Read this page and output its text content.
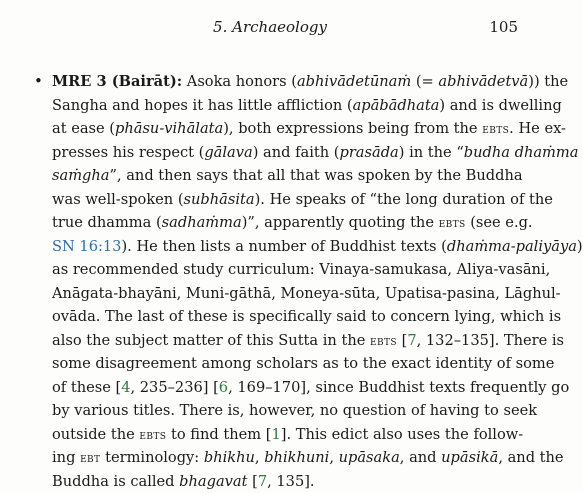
5. Archaeology	105
• MRE 3 (Bairāt): Asoka honors (abhivādetūnaṁ (= abhivādetvā)) the
Sangha and hopes it has little affliction (apābādhata) and is dwelling
at ease (phāsu-vihālata), both expressions being from the ebts. He ex-
presses his respect (gālava) and faith (prasāda) in the “budha dhaṁma
saṁgha”, and then says that all that was spoken by the Buddha
was well-spoken (subhāsita). He speaks of “the long duration of the
true dhamma (sadhaṁma)”, apparently quoting the ebts (see e.g.
SN 16:13). He then lists a number of Buddhist texts (dhaṁma-paliyāya)
as recommended study curriculum: Vinaya-samukasa, Aliya-vasāni,
Anāgata-bhayāni, Muni-gāthā, Moneya-sūta, Upatisa-pasina, Lāghul-
ovāda. The last of these is specifically said to concern lying, which is
also the subject matter of this Sutta in the ebts [7, 132–135]. There is
some disagreement among scholars as to the exact identity of some
of these [4, 235–236] [6, 169–170], since Buddhist texts frequently go
by various titles. There is, however, no question of having to seek
outside the ebts to find them [1]. This edict also uses the follow-
ing ebt terminology: bhikhu, bhikhuni, upāsaka, and upāsikā, and the
Buddha is called bhagavat [7, 135].
